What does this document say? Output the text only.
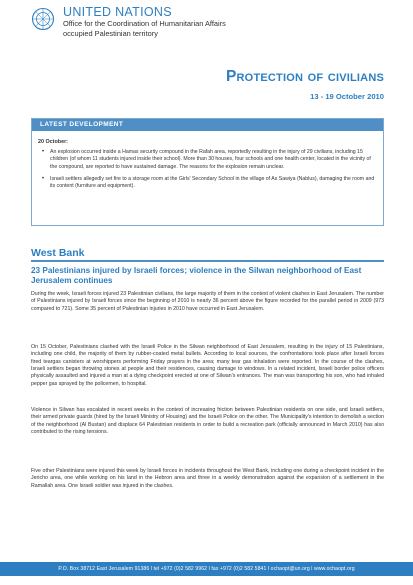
UNITED NATIONS
Office for the Coordination of Humanitarian Affairs
occupied Palestinian territory
Protection of civilians
13 - 19 October 2010
LATEST DEVELOPMENT
20 October:
• An explosion occurred inside a Hamas security compound in the Rafah area, reportedly resulting in the injury of 29 civilians, including 15 children (of whom 11 students injured inside their school). More than 30 houses, four schools and one health center, located in the vicinity of the compound, are reported to have sustained damage. The reasons for the explosion remain unclear.
• Israeli settlers allegedly set fire to a storage room at the Girls' Secondary School in the village of As Sawiya (Nablus), damaging the room and its content (furniture and equipment).
West Bank
23 Palestinians injured by Israeli forces; violence in the Silwan neighborhood of East Jerusalem continues
During the week, Israeli forces injured 23 Palestinian civilians, the large majority of them in the context of violent clashes in East Jerusalem. The number of Palestinians injured by Israeli forces since the beginning of 2010 is nearly 36 percent above the figure recorded for the parallel period in 2009 (973 compared to 721). Some 35 percent of Palestinian injuries in 2010 have occurred in East Jerusalem.
On 15 October, Palestinians clashed with the Israeli Police in the Silwan neighborhood of East Jerusalem, resulting in the injury of 15 Palestinians, including one child, the majority of them by rubber-coated metal bullets. According to local sources, the confrontations took place after Israeli forces fired teargas canisters at worshippers performing Friday prayers in the area; many tear gas inhalation were reported. In the course of the clashes, Israeli settlers began throwing stones at people and their residences, causing damage to windows. In a related incident, Israeli border police officers physically assaulted and injured a man at a dying checkpoint erected at one of Silwan's entrances. The man was transporting his son, who had inhaled pepper gas sprayed by the policemen, to hospital.
Violence in Silwan has escalated in recent weeks in the context of increasing friction between Palestinian residents on one side, and Israeli settlers, their armed private guards (hired by the Israeli Ministry of Housing) and the Israeli Police on the other. The Municipality's intention to demolish a section of the neighborhood (Al Bustan) and displace 64 Palestinian residents in order to build a recreation park (officially announced in March 2010) has also contributed to the rising tensions.
Five other Palestinians were injured this week by Israeli forces in incidents throughout the West Bank, including one during a checkpoint incident in the Jericho area, one while working on his land in the Hebron area and three in a weekly demonstration against the expansion of a settlement in the Ramallah area. One Israeli soldier was injured in the clashes.
P.O. Box 38712 East Jerusalem 91386 l tel +972 (0)2 582 9962 l fax +972 (0)2 582 5841 l ochaopt@un.org l www.ochaopt.org
